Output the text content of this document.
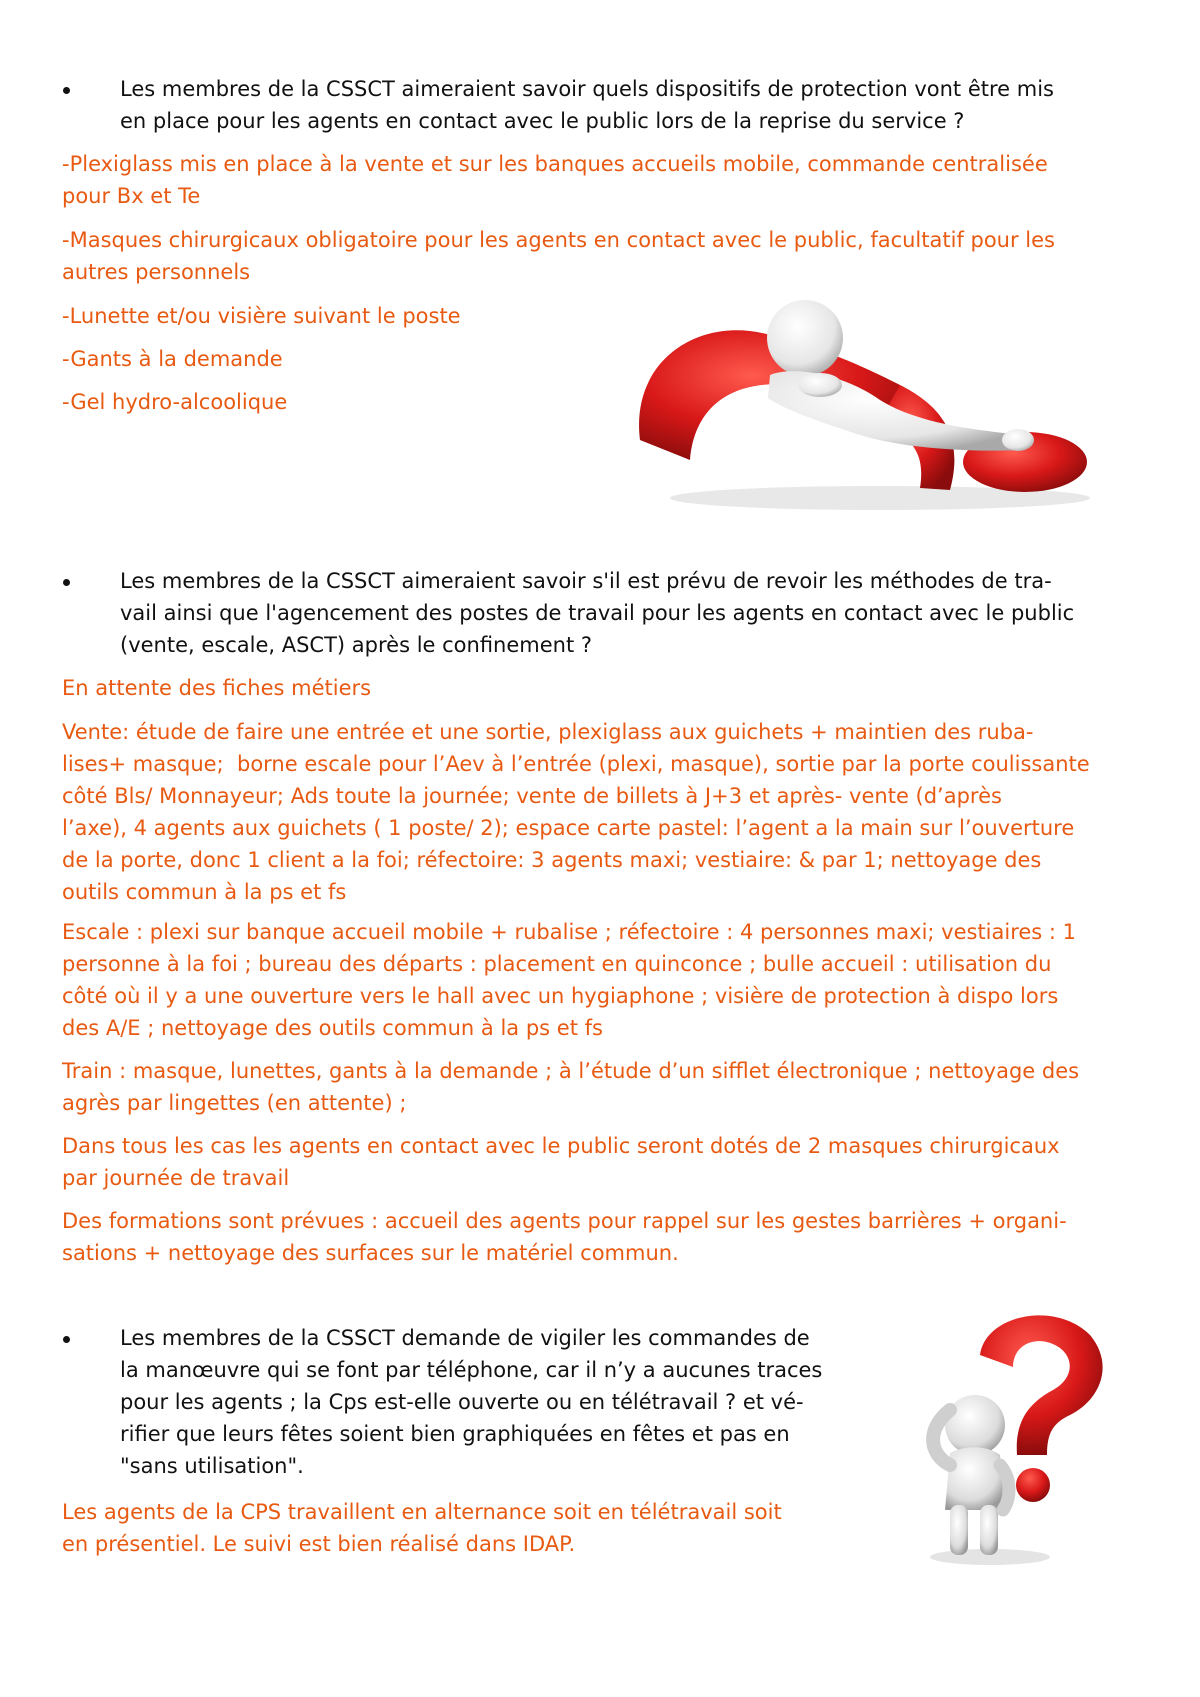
Les membres de la CSSCT aimeraient savoir quels dispositifs de protection vont être mis
en place pour les agents en contact avec le public lors de la reprise du service ?

-Plexiglass mis en place à la vente et sur les banques accueils mobile, commande centralisée
pour Bx et Te

-Masques chirurgicaux obligatoire pour les agents en contact avec le public, facultatif pour les
autres personnels

-Lunette et/ou visière suivant le poste

-Gants à la demande

-Gel hydro-alcoolique

Les membres de la CSSCT aimeraient savoir s'il est prévu de revoir les méthodes de tra-
vail ainsi que l'agencement des postes de travail pour les agents en contact avec le public
(vente, escale, ASCT) après le confinement ?

En attente des fiches métiers

Vente: étude de faire une entrée et une sortie, plexiglass aux guichets + maintien des ruba-
lises+ masque;  borne escale pour l’Aev à l’entrée (plexi, masque), sortie par la porte coulissante
côté Bls/ Monnayeur; Ads toute la journée; vente de billets à J+3 et après- vente (d’après
l’axe), 4 agents aux guichets ( 1 poste/ 2); espace carte pastel: l’agent a la main sur l’ouverture
de la porte, donc 1 client a la foi; réfectoire: 3 agents maxi; vestiaire: & par 1; nettoyage des
outils commun à la ps et fs

Escale : plexi sur banque accueil mobile + rubalise ; réfectoire : 4 personnes maxi; vestiaires : 1
personne à la foi ; bureau des départs : placement en quinconce ; bulle accueil : utilisation du
côté où il y a une ouverture vers le hall avec un hygiaphone ; visière de protection à dispo lors
des A/E ; nettoyage des outils commun à la ps et fs

Train : masque, lunettes, gants à la demande ; à l’étude d’un sifflet électronique ; nettoyage des
agrès par lingettes (en attente) ;

Dans tous les cas les agents en contact avec le public seront dotés de 2 masques chirurgicaux
par journée de travail

Des formations sont prévues : accueil des agents pour rappel sur les gestes barrières + organi-
sations + nettoyage des surfaces sur le matériel commun.

Les membres de la CSSCT demande de vigiler les commandes de
la manœuvre qui se font par téléphone, car il n’y a aucunes traces
pour les agents ; la Cps est-elle ouverte ou en télétravail ? et vé-
rifier que leurs fêtes soient bien graphiquées en fêtes et pas en
"sans utilisation".

Les agents de la CPS travaillent en alternance soit en télétravail soit
en présentiel. Le suivi est bien réalisé dans IDAP.
